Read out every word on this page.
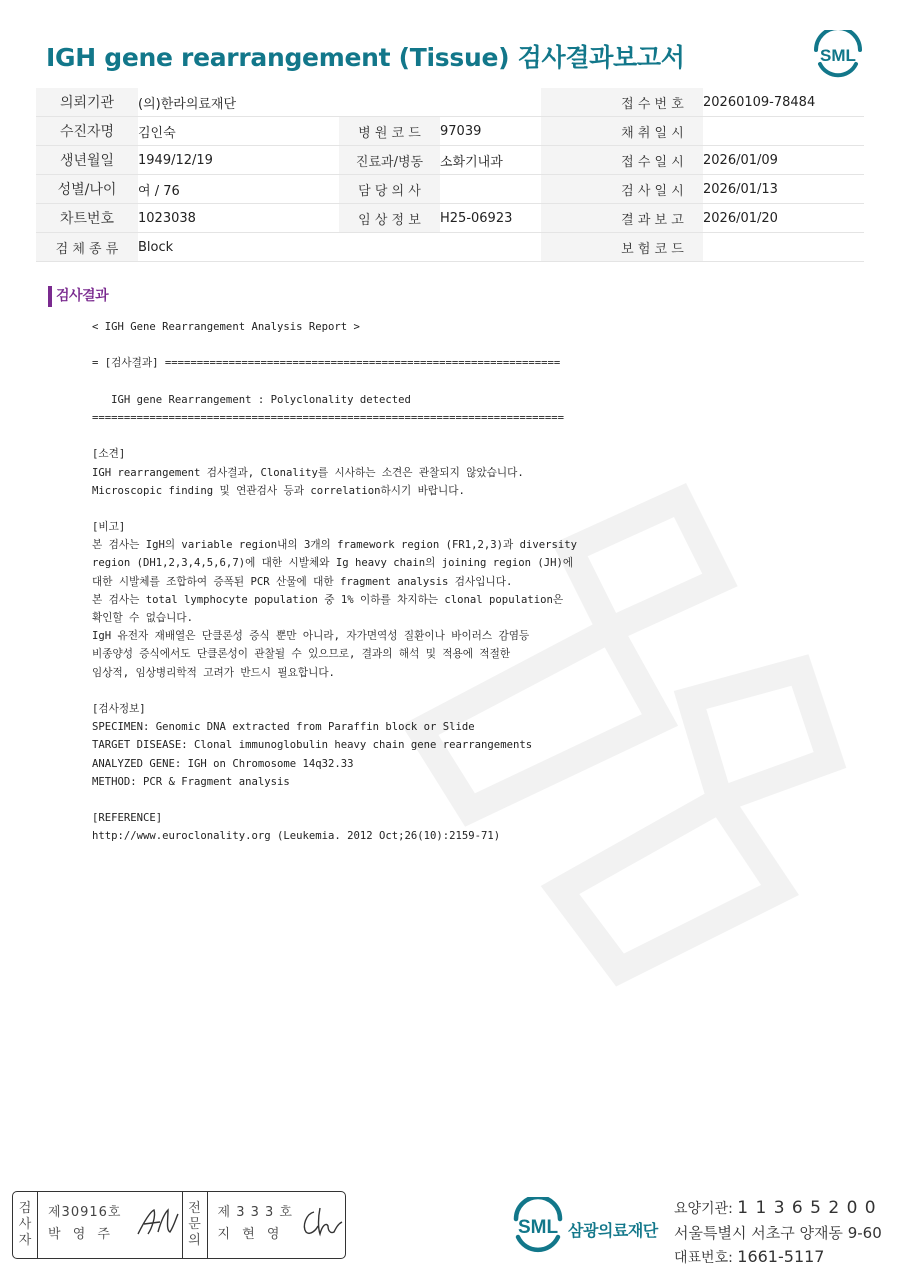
IGH gene rearrangement (Tissue) 검사결과보고서	SML
의뢰기관	(의)한라의료재단				접 수 번 호	20260109-78484
수진자명	김인숙	병 원 코 드	97039		채 취 일 시	
생년월일	1949/12/19	진료과/병동	소화기내과		접 수 일 시	2026/01/09
성별/나이	여 / 76	담 당 의 사			검 사 일 시	2026/01/13
차트번호	1023038	임 상 정 보	H25-06923		결 과 보 고	2026/01/20
검 체 종 류	Block				보 험 코 드	
검사결과
< IGH Gene Rearrangement Analysis Report >
= [검사결과] ==============================================================
IGH gene Rearrangement : Polyclonality detected
==========================================================================
[소견]
IGH rearrangement 검사결과, Clonality를 시사하는 소견은 관찰되지 않았습니다.
Microscopic finding 및 연관검사 등과 correlation하시기 바랍니다.
[비고]
본 검사는 IgH의 variable region내의 3개의 framework region (FR1,2,3)과 diversity
region (DH1,2,3,4,5,6,7)에 대한 시발체와 Ig heavy chain의 joining region (JH)에
대한 시발체를 조합하여 증폭된 PCR 산물에 대한 fragment analysis 검사입니다.
본 검사는 total lymphocyte population 중 1% 이하를 차지하는 clonal population은
확인할 수 없습니다.
IgH 유전자 재배열은 단클론성 증식 뿐만 아니라, 자가면역성 질환이나 바이러스 감염등
비종양성 증식에서도 단클론성이 관찰될 수 있으므로, 결과의 해석 및 적용에 적절한
임상적, 임상병리학적 고려가 반드시 필요합니다.
[검사정보]
SPECIMEN: Genomic DNA extracted from Paraffin block or Slide
TARGET DISEASE: Clonal immunoglobulin heavy chain gene rearrangements
ANALYZED GENE: IGH on Chromosome 14q32.33
METHOD: PCR & Fragment analysis
[REFERENCE]
http://www.euroclonality.org (Leukemia. 2012 Oct;26(10):2159-71)
검
사
자
제30916호
박 영 주
전
문
의
제 3 3 3 호
지 현 영	SML 삼광의료재단
요양기관: 1 1 3 6 5 2 0 0
서울특별시 서초구 양재동 9-60
대표번호: 1661-5117
